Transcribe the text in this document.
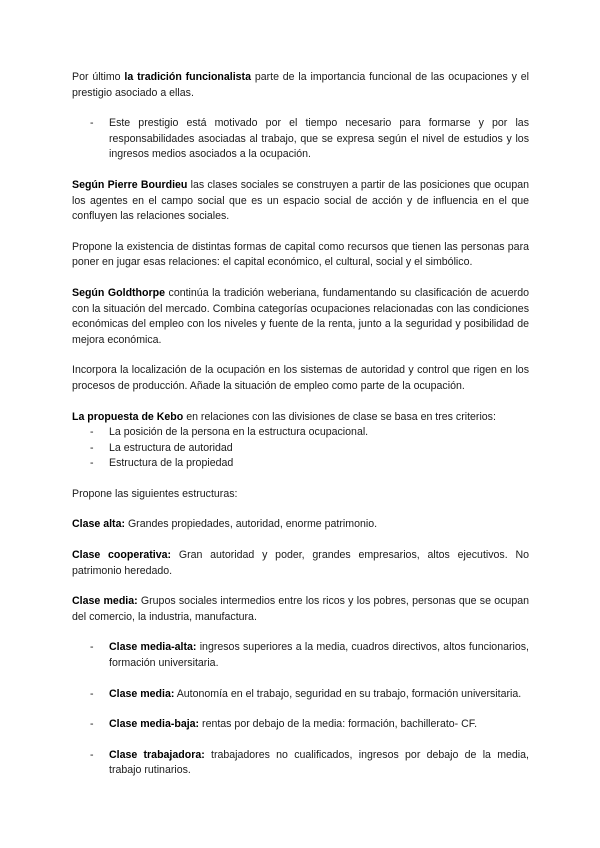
Por último la tradición funcionalista parte de la importancia funcional de las ocupaciones y el prestigio asociado a ellas.

- Este prestigio está motivado por el tiempo necesario para formarse y por las responsabilidades asociadas al trabajo, que se expresa según el nivel de estudios y los ingresos medios asociados a la ocupación.

Según Pierre Bourdieu las clases sociales se construyen a partir de las posiciones que ocupan los agentes en el campo social que es un espacio social de acción y de influencia en el que confluyen las relaciones sociales.

Propone la existencia de distintas formas de capital como recursos que tienen las personas para poner en jugar esas relaciones: el capital económico, el cultural, social y el simbólico.

Según Goldthorpe continúa la tradición weberiana, fundamentando su clasificación de acuerdo con la situación del mercado. Combina categorías ocupaciones relacionadas con las condiciones económicas del empleo con los niveles y fuente de la renta, junto a la seguridad y posibilidad de mejora económica.

Incorpora la localización de la ocupación en los sistemas de autoridad y control que rigen en los procesos de producción. Añade la situación de empleo como parte de la ocupación.

La propuesta de Kebo en relaciones con las divisiones de clase se basa en tres criterios:

- La posición de la persona en la estructura ocupacional.
- La estructura de autoridad
- Estructura de la propiedad

Propone las siguientes estructuras:

Clase alta: Grandes propiedades, autoridad, enorme patrimonio.

Clase cooperativa: Gran autoridad y poder, grandes empresarios, altos ejecutivos. No patrimonio heredado.

Clase media: Grupos sociales intermedios entre los ricos y los pobres, personas que se ocupan del comercio, la industria, manufactura.

- Clase media-alta: ingresos superiores a la media, cuadros directivos, altos funcionarios, formación universitaria.
- Clase media: Autonomía en el trabajo, seguridad en su trabajo, formación universitaria.
- Clase media-baja: rentas por debajo de la media: formación, bachillerato- CF.
- Clase trabajadora: trabajadores no cualificados, ingresos por debajo de la media, trabajo rutinarios.
